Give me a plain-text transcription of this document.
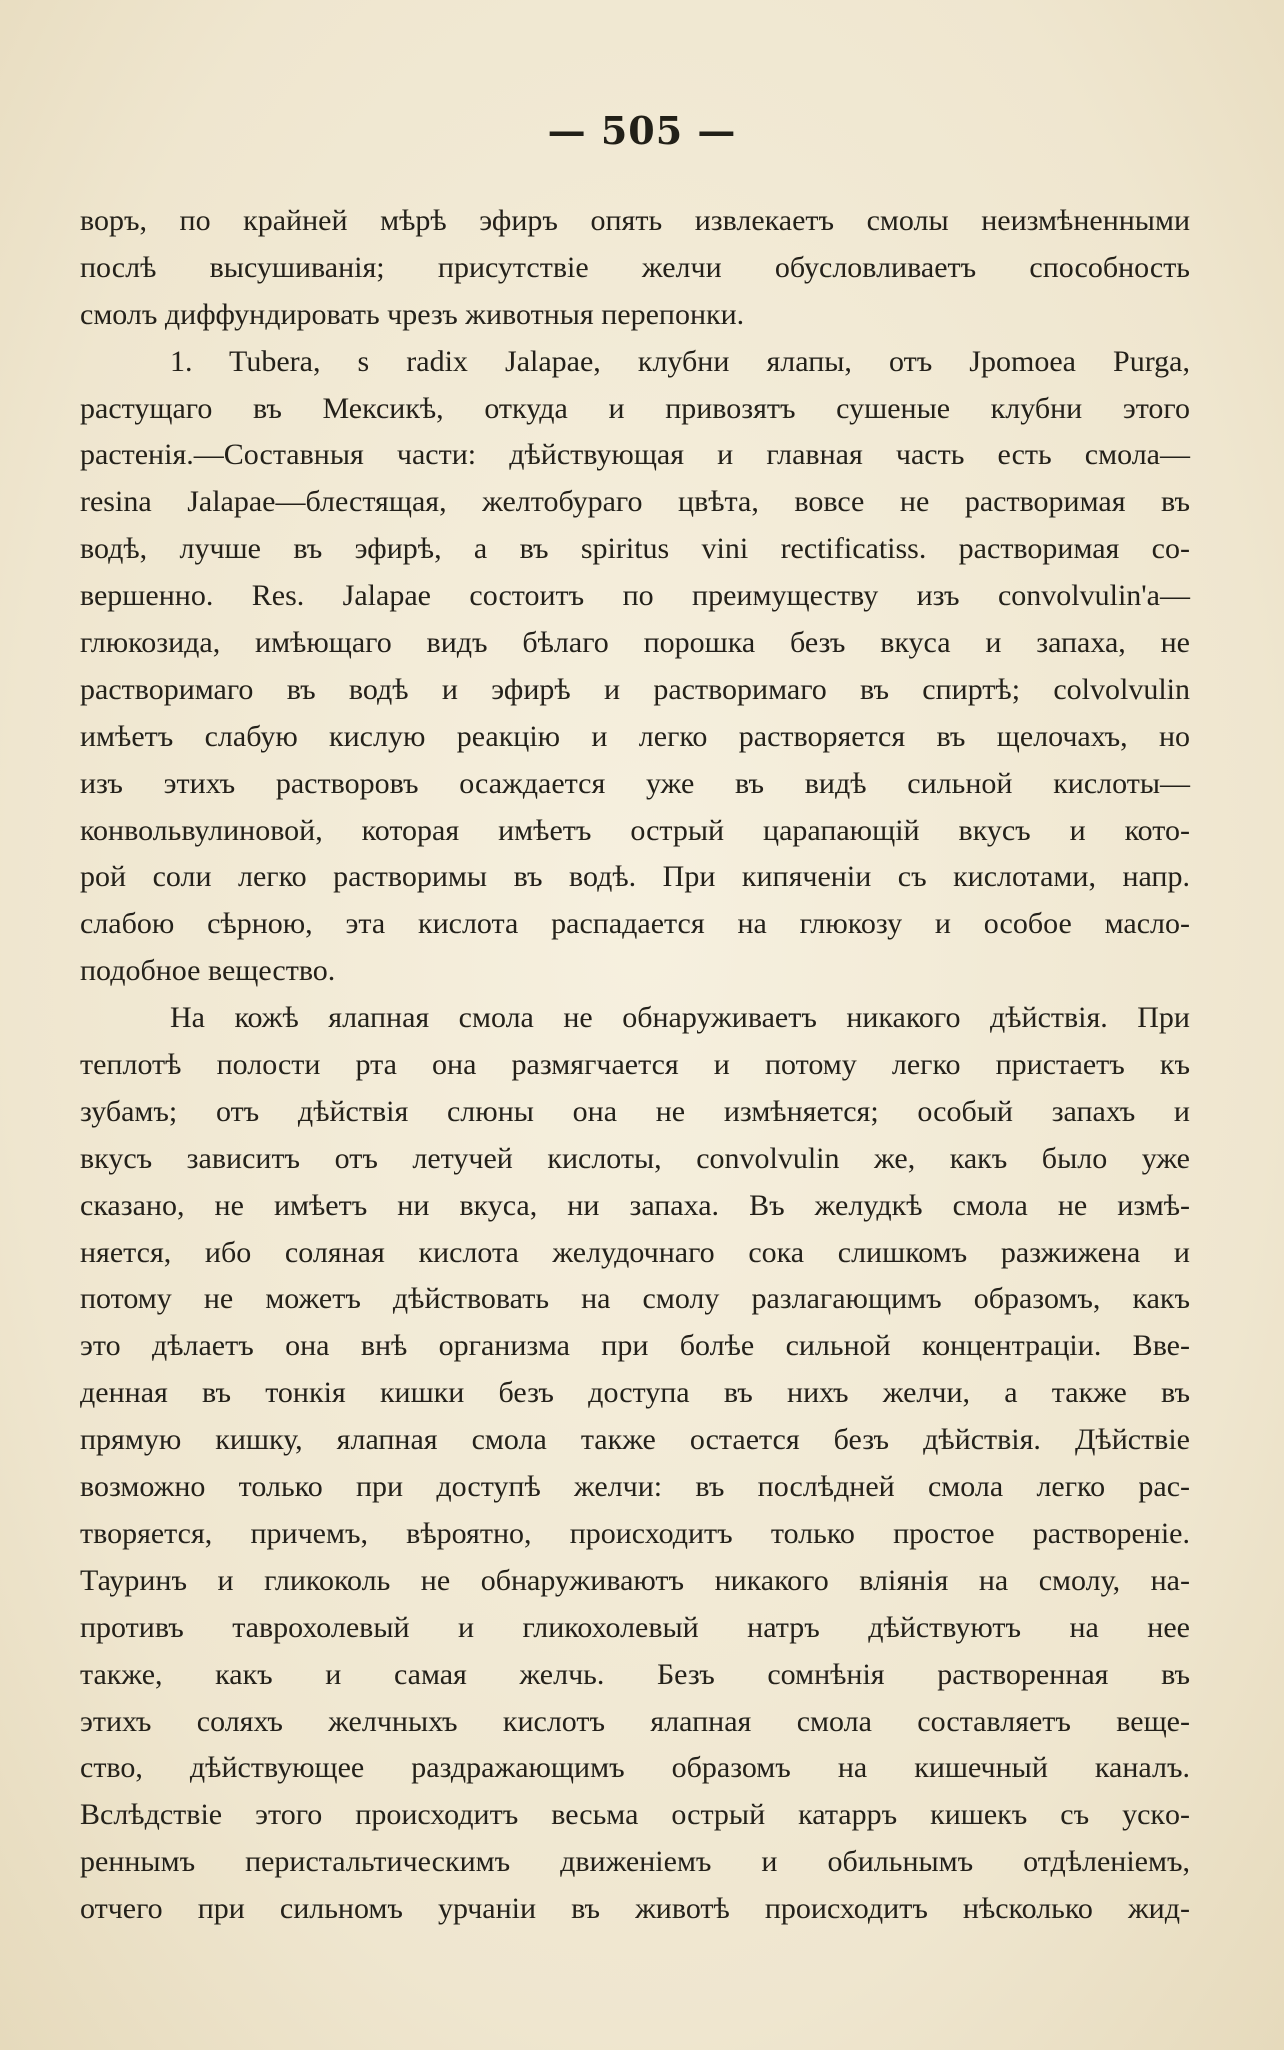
— 505 —
воръ, по крайней мѣрѣ эфиръ опять извлекаетъ смолы неизмѣненными
послѣ высушиванія; присутствіе желчи обусловливаетъ способность
смолъ диффундировать чрезъ животныя перепонки.
1. Tubera, s radix Jalapae, клубни ялапы, отъ Jpomoea Purga,
растущаго въ Мексикѣ, откуда и привозятъ сушеные клубни этого
растенія.—Составныя части: дѣйствующая и главная часть есть смола—
resina Jalapae—блестящая, желтобураго цвѣта, вовсе не растворимая въ
водѣ, лучше въ эфирѣ, а въ spiritus vini rectificatiss. растворимая со-
вершенно. Res. Jalapae состоитъ по преимуществу изъ convolvulin'a—
глюкозида, имѣющаго видъ бѣлаго порошка безъ вкуса и запаха, не
растворимаго въ водѣ и эфирѣ и растворимаго въ спиртѣ; colvolvulin
имѣетъ слабую кислую реакцію и легко растворяется въ щелочахъ, но
изъ этихъ растворовъ осаждается уже въ видѣ сильной кислоты—
конвольвулиновой, которая имѣетъ острый царапающій вкусъ и кото-
рой соли легко растворимы въ водѣ. При кипяченіи съ кислотами, напр.
слабою сѣрною, эта кислота распадается на глюкозу и особое масло-
подобное вещество.
На кожѣ ялапная смола не обнаруживаетъ никакого дѣйствія. При
теплотѣ полости рта она размягчается и потому легко пристаетъ къ
зубамъ; отъ дѣйствія слюны она не измѣняется; особый запахъ и
вкусъ зависитъ отъ летучей кислоты, convolvulin же, какъ было уже
сказано, не имѣетъ ни вкуса, ни запаха. Въ желудкѣ смола не измѣ-
няется, ибо соляная кислота желудочнаго сока слишкомъ разжижена и
потому не можетъ дѣйствовать на смолу разлагающимъ образомъ, какъ
это дѣлаетъ она внѣ организма при болѣе сильной концентраціи. Вве-
денная въ тонкія кишки безъ доступа въ нихъ желчи, а также въ
прямую кишку, ялапная смола также остается безъ дѣйствія. Дѣйствіе
возможно только при доступѣ желчи: въ послѣдней смола легко рас-
творяется, причемъ, вѣроятно, происходитъ только простое раствореніе.
Тауринъ и гликоколь не обнаруживаютъ никакого вліянія на смолу, на-
противъ таврохолевый и гликохолевый натръ дѣйствуютъ на нее
также, какъ и самая желчь. Безъ сомнѣнія растворенная въ
этихъ соляхъ желчныхъ кислотъ ялапная смола составляетъ веще-
ство, дѣйствующее раздражающимъ образомъ на кишечный каналъ.
Вслѣдствіе этого происходитъ весьма острый катарръ кишекъ съ ускo-
реннымъ перистальтическимъ движеніемъ и обильнымъ отдѣленіемъ,
отчего при сильномъ урчаніи въ животѣ происходитъ нѣсколько жид-
